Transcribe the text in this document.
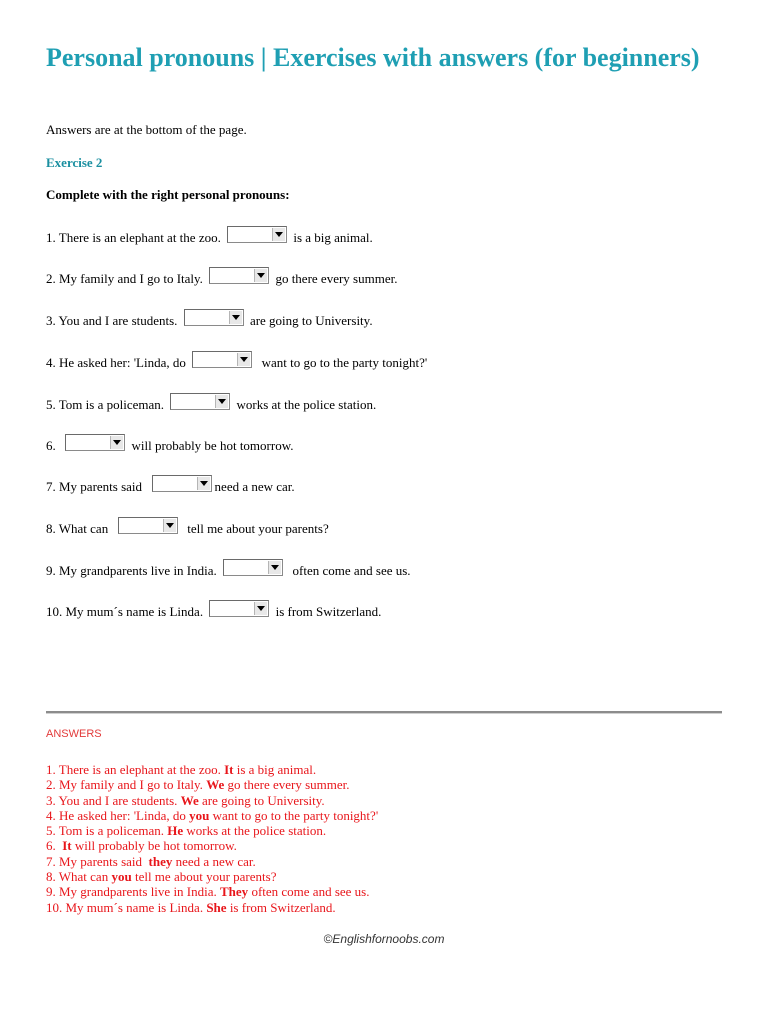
Personal pronouns | Exercises with answers (for beginners)
Answers are at the bottom of the page.
Exercise 2
Complete with the right personal pronouns:
1. There is an elephant at the zoo.	is a big animal.
2. My family and I go to Italy.	go there every summer.
3. You and I are students.	are going to University.
4. He asked her: 'Linda, do	want to go to the party tonight?'
5. Tom is a policeman.	works at the police station.
6.	will probably be hot tomorrow.
7. My parents said	need a new car.
8. What can	tell me about your parents?
9. My grandparents live in India.	often come and see us.
10. My mum´s name is Linda.	is from Switzerland.
ANSWERS
1. There is an elephant at the zoo. It is a big animal.
2. My family and I go to Italy. We go there every summer.
3. You and I are students. We are going to University.
4. He asked her: 'Linda, do you want to go to the party tonight?'
5. Tom is a policeman. He works at the police station.
6.  It will probably be hot tomorrow.
7. My parents said  they need a new car.
8. What can you tell me about your parents?
9. My grandparents live in India. They often come and see us.
10. My mum´s name is Linda. She is from Switzerland.
©Englishfornoobs.com
